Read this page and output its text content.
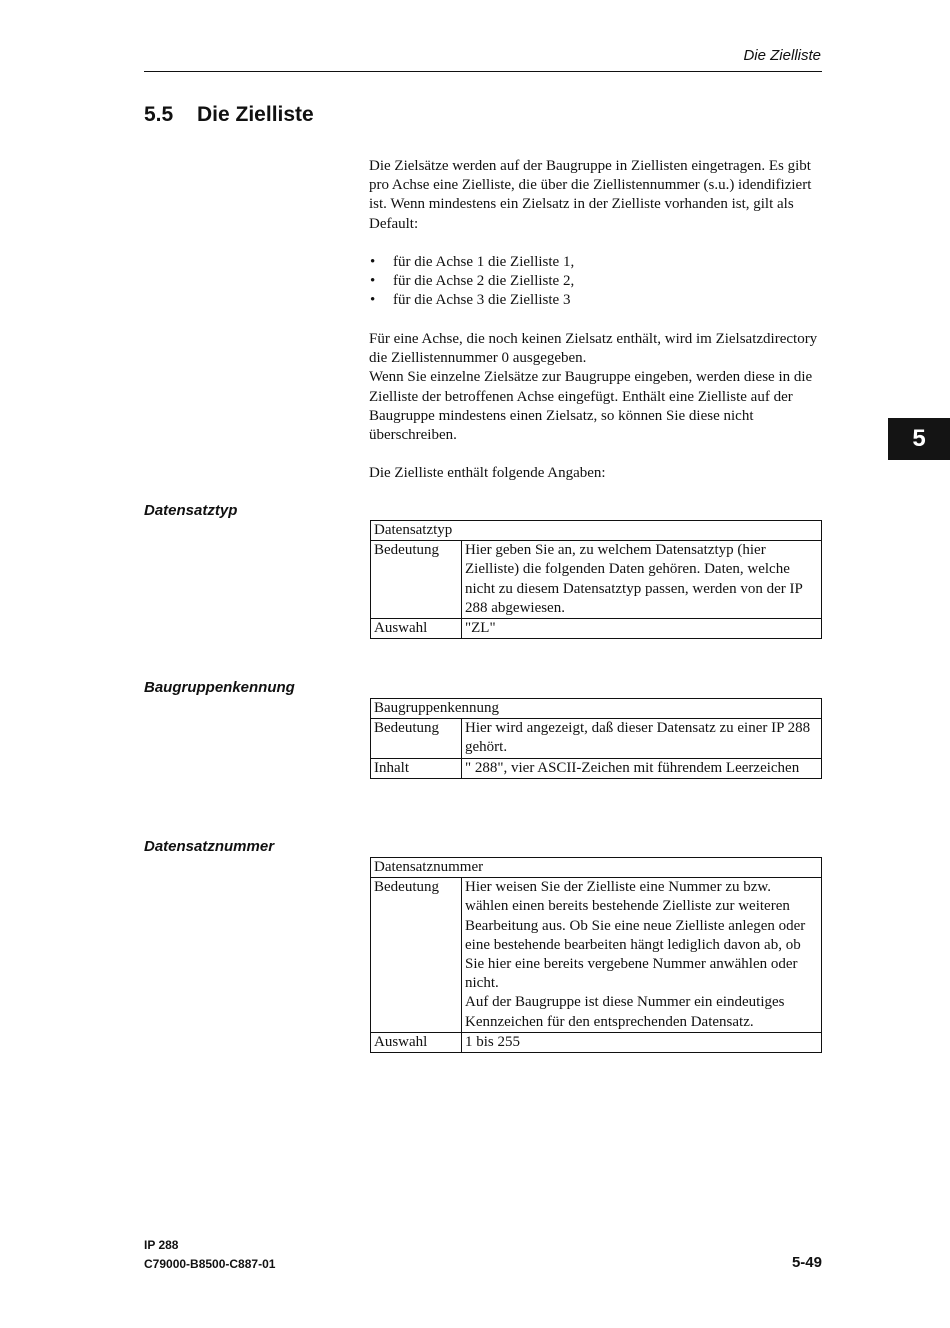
Die Zielliste
5.5 Die Zielliste

Die Zielsätze werden auf der Baugruppe in Ziellisten eingetragen. Es gibt pro Achse eine Zielliste, die über die Ziellistennummer (s.u.) idendifiziert ist. Wenn mindestens ein Zielsatz in der Zielliste vorhanden ist, gilt als Default:

• für die Achse 1 die Zielliste 1,
• für die Achse 2 die Zielliste 2,
• für die Achse 3 die Zielliste 3
Für eine Achse, die noch keinen Zielsatz enthält, wird im Zielsatzdirectory die Ziellistennummer 0 ausgegeben.
Wenn Sie einzelne Zielsätze zur Baugruppe eingeben, werden diese in die Zielliste der betroffenen Achse eingefügt. Enthält eine Zielliste auf der Baugruppe mindestens einen Zielsatz, so können Sie diese nicht überschreiben.

Die Zielliste enthält folgende Angaben:

Datensatztyp
Datensatztyp	
Bedeutung	Hier geben Sie an, zu welchem Datensatztyp (hier Zielliste) die folgenden Daten gehören. Daten, welche nicht zu diesem Datensatztyp passen, werden von der IP 288 abgewiesen.
Auswahl	"ZL"
Baugruppenkennung
Baugruppenkennung	
Bedeutung	Hier wird angezeigt, daß dieser Datensatz zu einer IP 288 gehört.
Inhalt	" 288", vier ASCII-Zeichen mit führendem Leerzeichen
Datensatznummer
Datensatznummer	
Bedeutung	Hier weisen Sie der Zielliste eine Nummer zu bzw. wählen einen bereits bestehende Zielliste zur weiteren Bearbeitung aus. Ob Sie eine neue Zielliste anlegen oder eine bestehende bearbeiten hängt lediglich davon ab, ob Sie hier eine bereits vergebene Nummer anwählen oder nicht.
Auf der Baugruppe ist diese Nummer ein eindeutiges Kennzeichen für den entsprechenden Datensatz.

Auswahl	1 bis 255
5
IP 288
C79000-B8500-C887-01	5-49
